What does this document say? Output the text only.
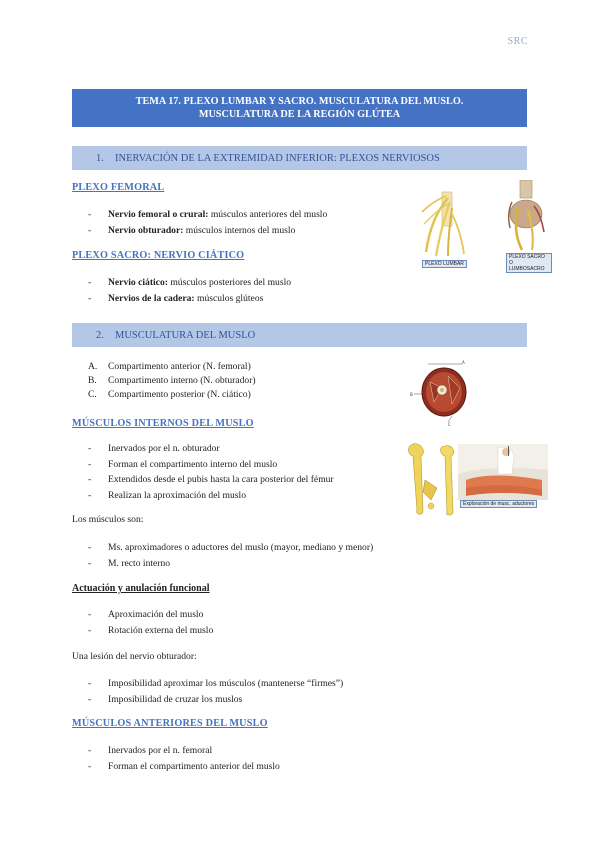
SRC
TEMA 17. PLEXO LUMBAR Y SACRO. MUSCULATURA DEL MUSLO.
MUSCULATURA DE LA REGIÓN GLÚTEA
1.	INERVACIÓN DE LA EXTREMIDAD INFERIOR: PLEXOS NERVIOSOS
PLEXO FEMORAL
- Nervio femoral o crural: músculos anteriores del muslo
- Nervio obturador: músculos internos del muslo
PLEXO SACRO: NERVIO CIÁTICO
- Nervio ciático: músculos posteriores del muslo
- Nervios de la cadera: músculos glúteos
PLEXO LUMBAR
PLEXO SACRO O
LUMBOSACRO
2.	MUSCULATURA DEL MUSLO
A. Compartimento anterior (N. femoral)
B. Compartimento interno (N. obturador)
C. Compartimento posterior (N. ciático)
A
B
C
MÚSCULOS INTERNOS DEL MUSLO
- Inervados por el n. obturador
- Forman el compartimento interno del muslo
- Extendidos desde el pubis hasta la cara posterior del fémur
- Realizan la aproximación del muslo
Exploración de musc. aductores
Los músculos son:
- Ms. aproximadores o aductores del muslo (mayor, mediano y menor)
- M. recto interno
Actuación y anulación funcional
- Aproximación del muslo
- Rotación externa del muslo
Una lesión del nervio obturador:
- Imposibilidad aproximar los músculos (mantenerse “firmes”)
- Imposibilidad de cruzar los muslos
MÚSCULOS ANTERIORES DEL MUSLO
- Inervados por el n. femoral
- Forman el compartimento anterior del muslo
